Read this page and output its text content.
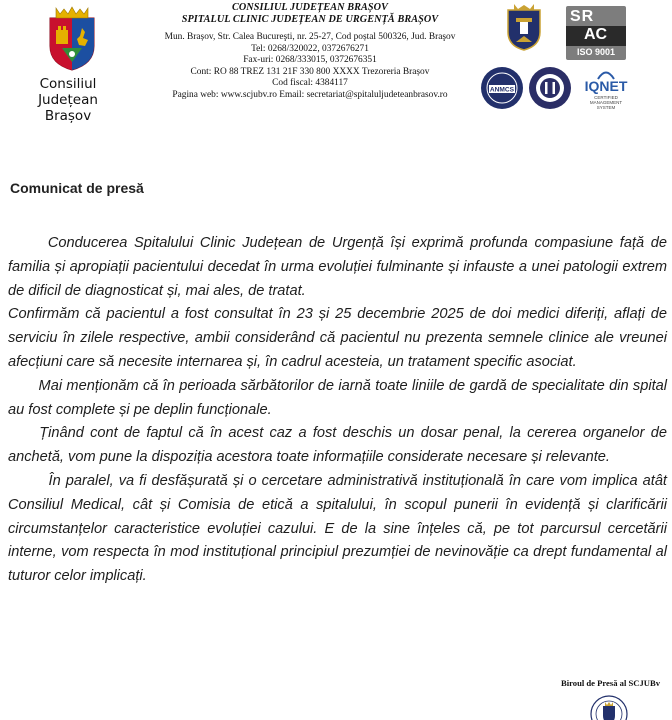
Consiliul Județean
Brașov
CONSILIUL JUDEȚEAN BRAȘOV
SPITALUL CLINIC JUDEȚEAN DE URGENȚĂ BRAȘOV
Mun. Brașov, Str. Calea Bucureşti, nr. 25-27, Cod poștal 500326, Jud. Braşov
Tel: 0268/320022, 0372676271
Fax-uri: 0268/333015, 0372676351
Cont: RO 88 TREZ 131 21F 330 800 XXXX Trezoreria Brașov
Cod fiscal: 4384117
Pagina web: www.scjubv.ro Email: secretariat@spitaluljudeteanbrasov.ro
SR
AC
ISO 9001
ANMCS	IQNET
CERTIFIED
MANAGEMENT
SYSTEM
Comunicat de presă

Conducerea Spitalului Clinic Județean de Urgență își exprimă profunda compasiune față de familia și apropiații pacientului decedat în urma evoluției fulminante și infauste a unei patologii extrem de dificil de diagnosticat și, mai ales, de tratat.

Confirmăm că pacientul a fost consultat în 23 și 25 decembrie 2025 de doi medici diferiți, aflați de serviciu în zilele respective, ambii considerând că pacientul nu prezenta semnele clinice ale vreunei afecțiuni care să necesite internarea și, în cadrul acesteia, un tratament specific asociat.

Mai menționăm că în perioada sărbătorilor de iarnă toate liniile de gardă de specialitate din spital au fost complete și pe deplin funcționale.

Ținând cont de faptul că în acest caz a fost deschis un dosar penal, la cererea organelor de anchetă, vom pune la dispoziția acestora toate informațiile considerate necesare și relevante.

În paralel, va fi desfășurată și o cercetare administrativă instituțională în care vom implica atât Consiliul Medical, cât și Comisia de etică a spitalului, în scopul punerii în evidență și clarificării circumstanțelor caracteristice evoluției cazului. E de la sine înțeles că, pe tot parcursul cercetării interne, vom respecta în mod instituțional principiul prezumției de nevinovăție ca drept fundamental al tuturor celor implicați.

Biroul de Presă al SCJUBv
